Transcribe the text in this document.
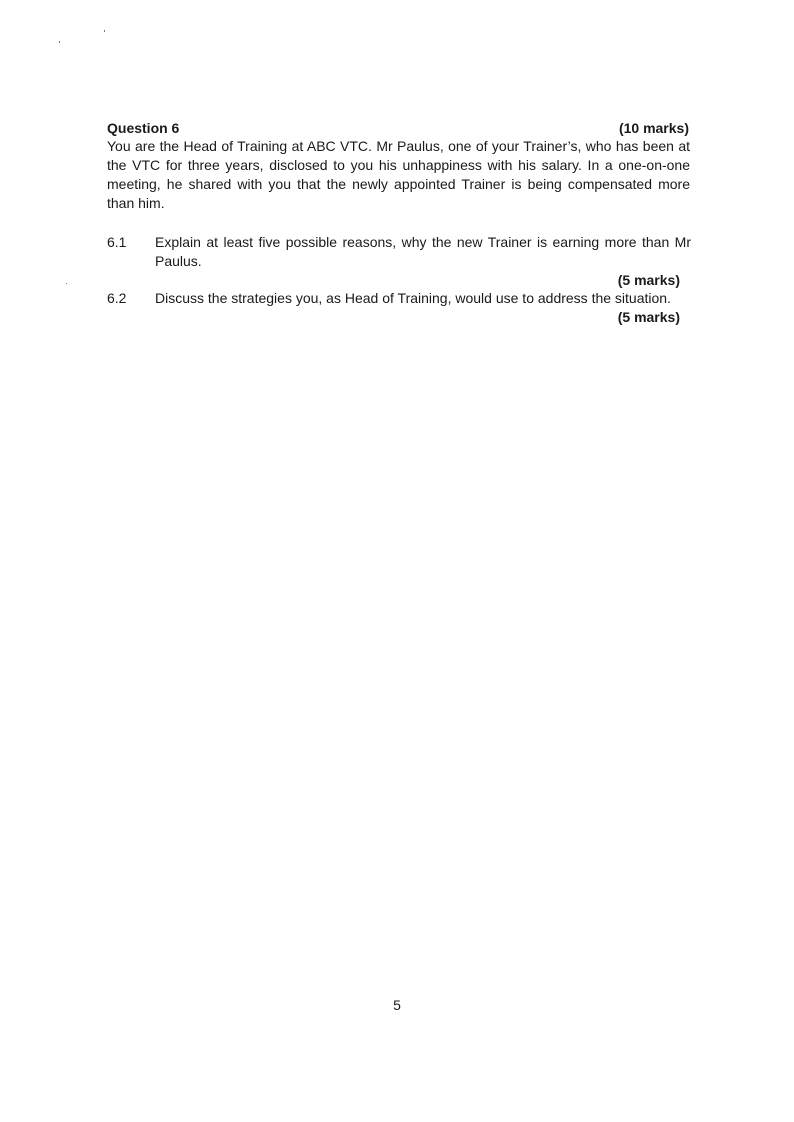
Question 6	(10 marks)

You are the Head of Training at ABC VTC. Mr Paulus, one of your Trainer’s, who has been at the VTC for three years, disclosed to you his unhappiness with his salary. In a one-on-one meeting, he shared with you that the newly appointed Trainer is being compensated more than him.

6.1 Explain at least five possible reasons, why the new Trainer is earning more than Mr Paulus.
(5 marks)
6.2 Discuss the strategies you, as Head of Training, would use to address the situation.
(5 marks)
5
